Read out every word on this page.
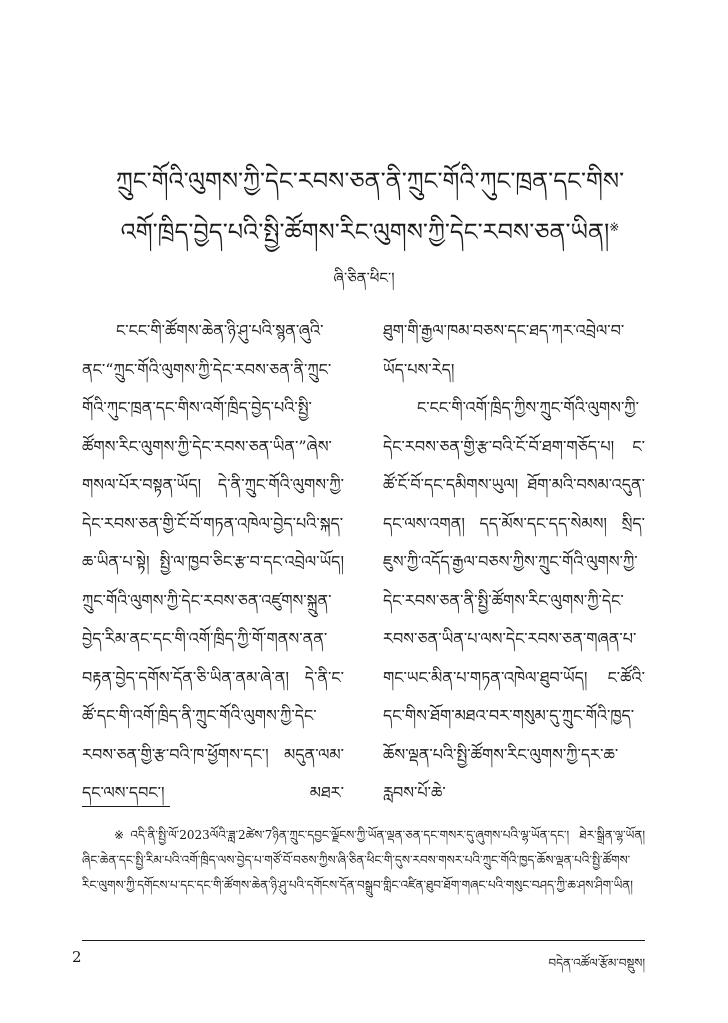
ཀྲུང་གོའི་ལུགས་ཀྱི་དེང་རབས་ཅན་ནི་ཀྲུང་གོའི་ཀུང་ཁྲན་དང་གིས་འགོ་ཁྲིད་བྱེད་པའི་སྤྱི་ཚོགས་རིང་ལུགས་ཀྱི་དེང་རབས་ཅན་ཡིན།※
ཞི་ཅིན་ཕིང་།

ང་ངང་གི་ཚོགས་ཆེན་ཉི་ཤུ་པའི་སྙན་ཞུའི་ནང་“ཀྲུང་གོའི་ལུགས་ཀྱི་དེང་རབས་ཅན་ནི་ཀྲུང་གོའི་ཀུང་ཁྲན་དང་གིས་འགོ་ཁྲིད་བྱེད་པའི་སྤྱི་ཚོགས་རིང་ལུགས་ཀྱི་དེང་རབས་ཅན་ཡིན་”ཞེས་གསལ་པོར་བསྟན་ཡོད། དེ་ནི་ཀྲུང་གོའི་ལུགས་ཀྱི་དེང་རབས་ཅན་གྱི་ངོ་བོ་གཏན་འཁེལ་བྱེད་པའི་སྐད་ཆ་ཡིན་པ་སྟེ། སྤྱི་ལ་ཁྱབ་ཅིང་རྩ་བ་དང་འབྲེལ་ཡོད། ཀྲུང་གོའི་ལུགས་ཀྱི་དེང་རབས་ཅན་འཛུགས་སྐྲུན་བྱེད་རིམ་ནང་དང་གི་འགོ་ཁྲིད་ཀྱི་གོ་གནས་ནན་བརྟན་བྱེད་དགོས་དོན་ཅི་ཡིན་ནམ་ཞེ་ན། དེ་ནི་ང་ཚོ་དང་གི་འགོ་ཁྲིད་ནི་ཀྲུང་གོའི་ལུགས་ཀྱི་དེང་རབས་ཅན་གྱི་རྩ་བའི་ཁ་ཕྱོགས་དང་། མདུན་ལམ་དང་ལས་དབང་། མཐར་

ཐུག་གི་རྒྱལ་ཁམ་བཅས་དང་ཐད་ཀར་འབྲེལ་བ་ཡོད་པས་རེད།

ང་ངང་གི་འགོ་ཁྲིད་ཀྱིས་ཀྲུང་གོའི་ལུགས་ཀྱི་དེང་རབས་ཅན་གྱི་རྩ་བའི་ངོ་བོ་ཐག་གཅོད་པ། ང་ཚོ་ངོ་བོ་དང་དམིགས་ཡུལ། ཐོག་མའི་བསམ་འདུན་དང་ལས་འགན། དད་མོས་དང་དད་སེམས། སྲིད་ཇུས་ཀྱི་འདོད་རྒྱལ་བཅས་ཀྱིས་ཀྲུང་གོའི་ལུགས་ཀྱི་དེང་རབས་ཅན་ནི་སྤྱི་ཚོགས་རིང་ལུགས་ཀྱི་དེང་རབས་ཅན་ཡིན་པ་ལས་དེང་རབས་ཅན་གཞན་པ་གང་ཡང་མིན་པ་གཏན་འཁེལ་ཐུབ་ཡོད། ང་ཚོའི་དང་གིས་ཐོག་མཐའ་བར་གསུམ་དུ་ཀྲུང་གོའི་ཁྱད་ཆོས་ལྡན་པའི་སྤྱི་ཚོགས་རིང་ལུགས་ཀྱི་དར་ཆ་རླབས་པོ་ཆེ་

※འདི་ནི་སྤྱི་ལོ་2023ལོའི་ཟླ་2ཚེས་7ཉིན་ཀྲུང་དབྱང་ལྗོངས་ཀྱི་ཡོན་ལྡན་ཅན་དང་གསར་དུ་ཞུགས་པའི་ལྷ་ཡོན་དང་། ཐེར་སྒྲིན་ལྷ་ཡོན། ཞིང་ཆེན་དང་སྤྱི་རིམ་པའི་འགོ་ཁྲིད་ལས་བྱེད་པ་གཙོ་བོ་བཅས་ཀྱིས་ཞི་ཅིན་ཕིང་གི་དུས་རབས་གསར་པའི་ཀྲུང་གོའི་ཁྱད་ཆོས་ལྡན་པའི་སྤྱི་ཚོགས་རིང་ལུགས་ཀྱི་དགོངས་པ་དང་དང་གི་ཚོགས་ཆེན་ཉི་ཤུ་པའི་དགོངས་དོན་བསྒྲུབ་གླིང་འཛིན་ཐུབ་ཐོག་གཞང་པའི་གསུང་བཤད་ཀྱི་ཆ་ཤས་ཤིག་ཡིན།
2	བདེན་འཚོལ་རྩོམ་བསྡུས།
